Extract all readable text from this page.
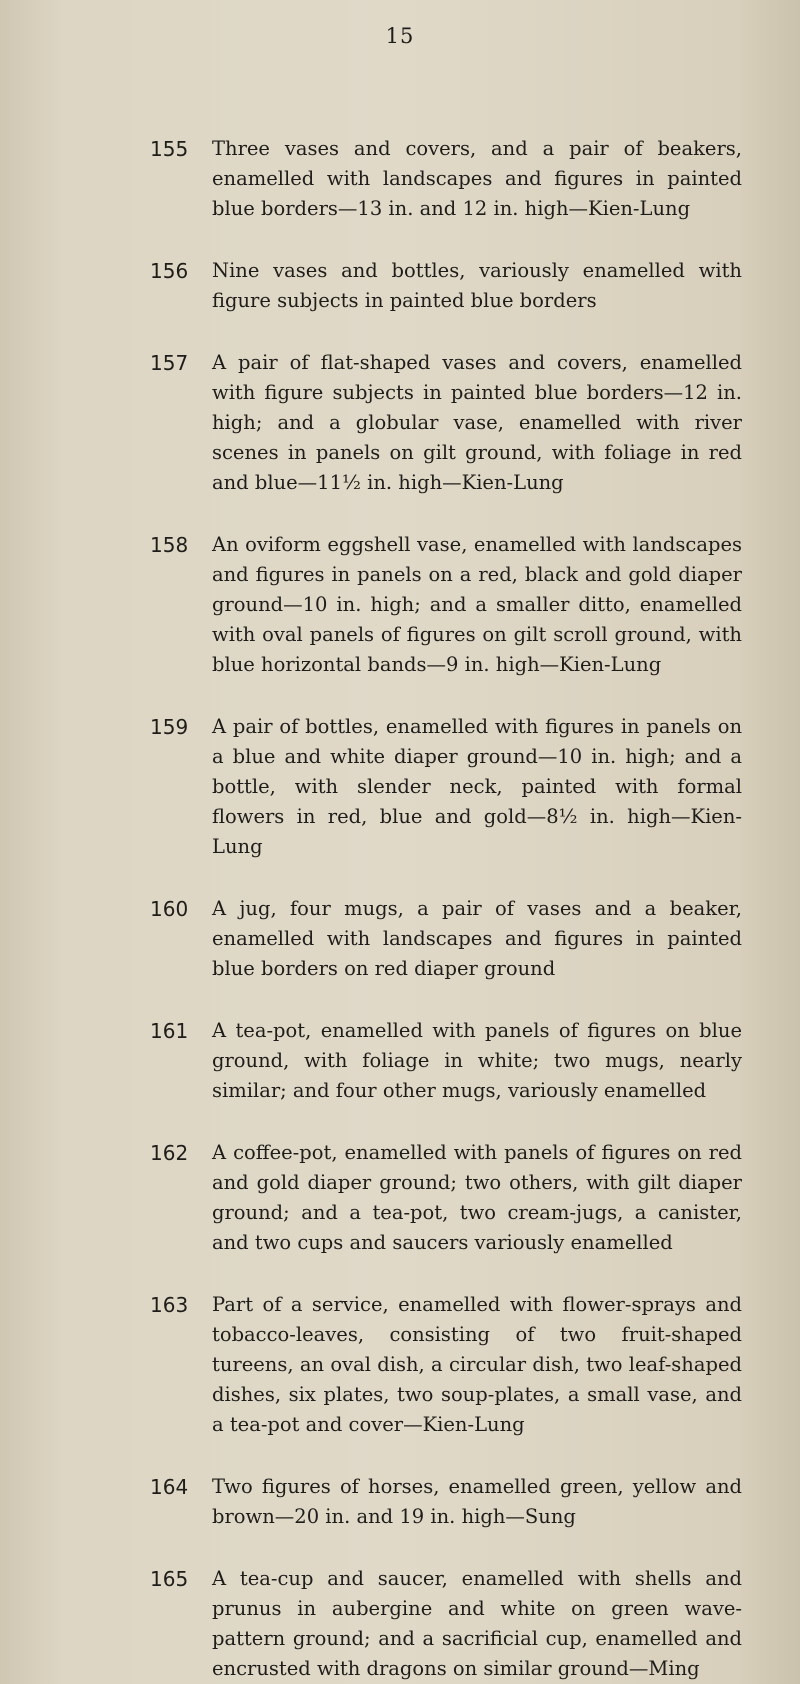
15
155	Three vases and covers, and a pair of beakers, enamelled with landscapes and figures in painted blue borders—13 in. and 12 in. high—Kien-Lung
156	Nine vases and bottles, variously enamelled with figure subjects in painted blue borders
157	A pair of flat-shaped vases and covers, enamelled with figure subjects in painted blue borders—12 in. high; and a globular vase, enamelled with river scenes in panels on gilt ground, with foliage in red and blue—11½ in. high—Kien-Lung
158	An oviform eggshell vase, enamelled with landscapes and figures in panels on a red, black and gold diaper ground—10 in. high; and a smaller ditto, enamelled with oval panels of figures on gilt scroll ground, with blue horizontal bands—9 in. high—Kien-Lung
159	A pair of bottles, enamelled with figures in panels on a blue and white diaper ground—10 in. high; and a bottle, with slender neck, painted with formal flowers in red, blue and gold—8½ in. high—Kien-Lung
160	A jug, four mugs, a pair of vases and a beaker, enamelled with landscapes and figures in painted blue borders on red diaper ground
161	A tea-pot, enamelled with panels of figures on blue ground, with foliage in white; two mugs, nearly similar; and four other mugs, variously enamelled
162	A coffee-pot, enamelled with panels of figures on red and gold diaper ground; two others, with gilt diaper ground; and a tea-pot, two cream-jugs, a canister, and two cups and saucers variously enamelled
163	Part of a service, enamelled with flower-sprays and tobacco-leaves, consisting of two fruit-shaped tureens, an oval dish, a circular dish, two leaf-shaped dishes, six plates, two soup-plates, a small vase, and a tea-pot and cover—Kien-Lung
164	Two figures of horses, enamelled green, yellow and brown—20 in. and 19 in. high—Sung
165	A tea-cup and saucer, enamelled with shells and prunus in aubergine and white on green wave-pattern ground; and a sacrificial cup, enamelled and encrusted with dragons on similar ground—Ming
